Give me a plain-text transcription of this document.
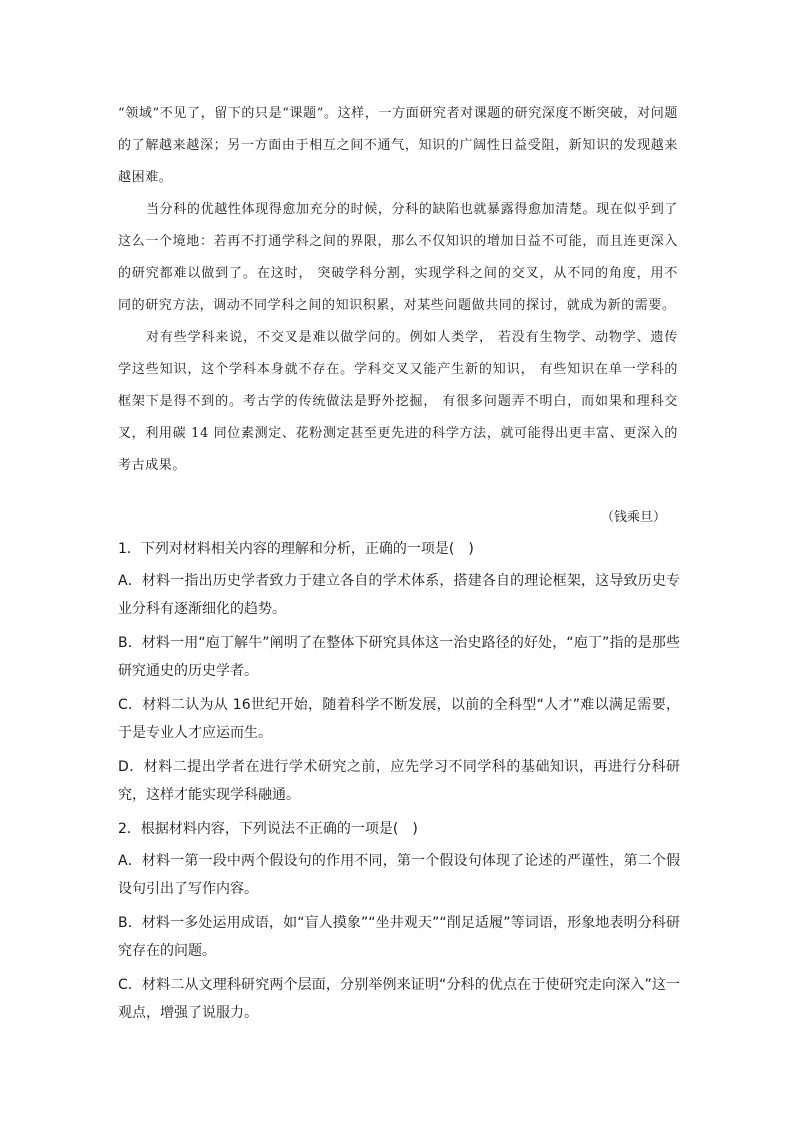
“领域”不见了，留下的只是“课题”。这样，一方面研究者对课题的研究深度不断突破，对问题的了解越来越深；另一方面由于相互之间不通气，知识的广阔性日益受阻，新知识的发现越来越困难。

当分科的优越性体现得愈加充分的时候，分科的缺陷也就暴露得愈加清楚。现在似乎到了这么一个境地：若再不打通学科之间的界限，那么不仅知识的增加日益不可能，而且连更深入的研究都难以做到了。在这时， 突破学科分割，实现学科之间的交叉，从不同的角度，用不同的研究方法，调动不同学科之间的知识积累，对某些问题做共同的探讨，就成为新的需要。

对有些学科来说，不交叉是难以做学问的。例如人类学， 若没有生物学、动物学、遗传学这些知识，这个学科本身就不存在。学科交叉又能产生新的知识， 有些知识在单一学科的框架下是得不到的。考古学的传统做法是野外挖掘， 有很多问题弄不明白，而如果和理科交叉，利用碳 14 同位素测定、花粉测定甚至更先进的科学方法，就可能得出更丰富、更深入的考古成果。

（钱乘旦）

1．下列对材料相关内容的理解和分析，正确的一项是(　)

A．材料一指出历史学者致力于建立各自的学术体系，搭建各自的理论框架，这导致历史专业分科有逐渐细化的趋势。

B．材料一用“庖丁解牛”阐明了在整体下研究具体这一治史路径的好处，“庖丁”指的是那些研究通史的历史学者。

C．材料二认为从 16世纪开始，随着科学不断发展，以前的全科型“人才”难以满足需要，于是专业人才应运而生。

D．材料二提出学者在进行学术研究之前，应先学习不同学科的基础知识，再进行分科研究，这样才能实现学科融通。

2．根据材料内容，下列说法不正确的一项是(　)

A．材料一第一段中两个假设句的作用不同，第一个假设句体现了论述的严谨性，第二个假设句引出了写作内容。

B．材料一多处运用成语，如“盲人摸象”“坐井观天”“削足适履”等词语，形象地表明分科研究存在的问题。

C．材料二从文理科研究两个层面，分别举例来证明“分科的优点在于使研究走向深入”这一观点，增强了说服力。
